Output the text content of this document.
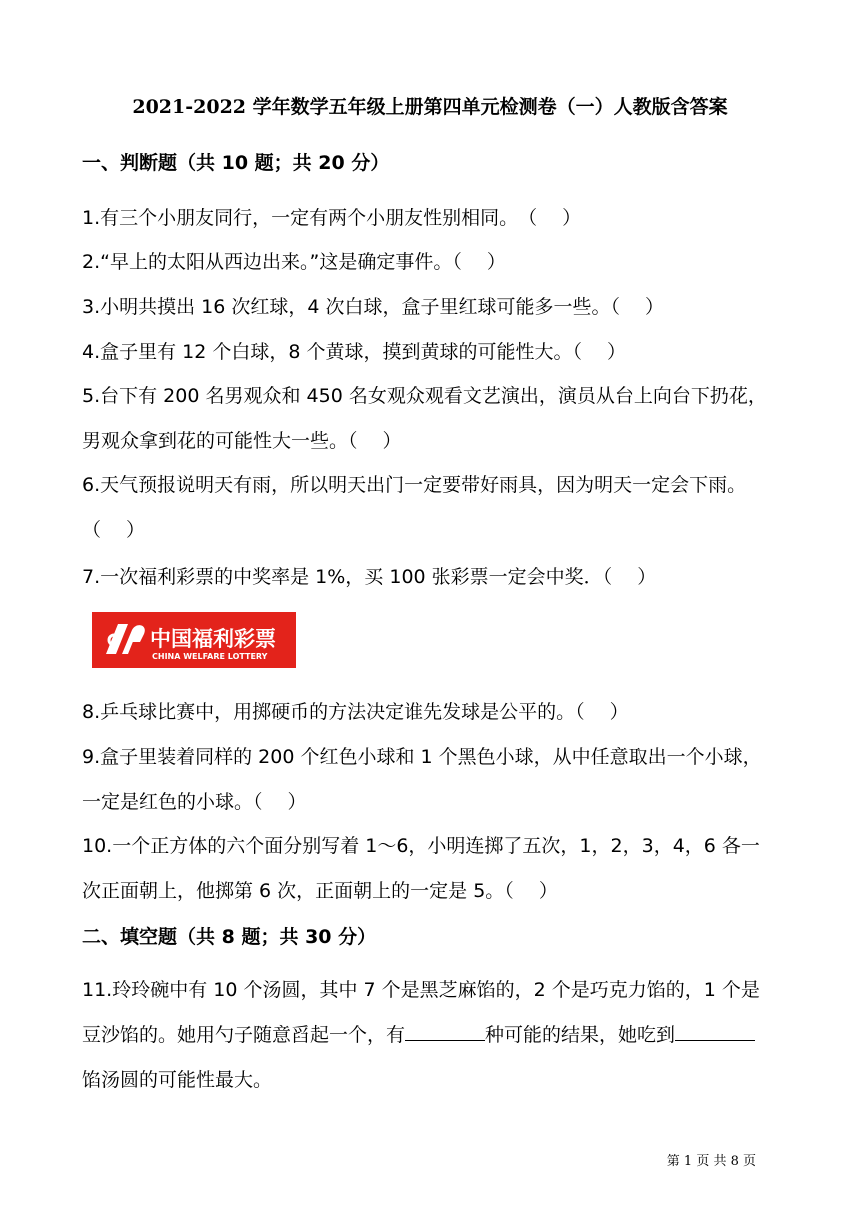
2021-2022 学年数学五年级上册第四单元检测卷（一）人教版含答案
一、判断题（共 10 题；共 20 分）
1.有三个小朋友同行，一定有两个小朋友性别相同。　（　 ）
2.“早上的太阳从西边出来。”这是确定事件。（　 ）
3.小明共摸出 16 次红球，4 次白球，盒子里红球可能多一些。（　 ）
4.盒子里有 12 个白球，8 个黄球，摸到黄球的可能性大。（　 ）
5.台下有 200 名男观众和 450 名女观众观看文艺演出，演员从台上向台下扔花，
男观众拿到花的可能性大一些。（　 ）
6.天气预报说明天有雨，所以明天出门一定要带好雨具，因为明天一定会下雨。
（　 ）
7.一次福利彩票的中奖率是 1%，买 100 张彩票一定会中奖．（　 ）
中国福利彩票
CHINA WELFARE LOTTERY
8.乒乓球比赛中，用掷硬币的方法决定谁先发球是公平的。（　 ）
9.盒子里装着同样的 200 个红色小球和 1 个黑色小球，从中任意取出一个小球，
一定是红色的小球。（　 ）
10.一个正方体的六个面分别写着 1～6，小明连掷了五次，1，2，3，4，6 各一
次正面朝上，他掷第 6 次，正面朝上的一定是 5。（　 ）
二、填空题（共 8 题；共 30 分）
11.玲玲碗中有 10 个汤圆，其中 7 个是黑芝麻馅的，2 个是巧克力馅的，1 个是
豆沙馅的。她用勺子随意舀起一个，有	种可能的结果，她吃到
馅汤圆的可能性最大。
第 1 页 共 8 页
